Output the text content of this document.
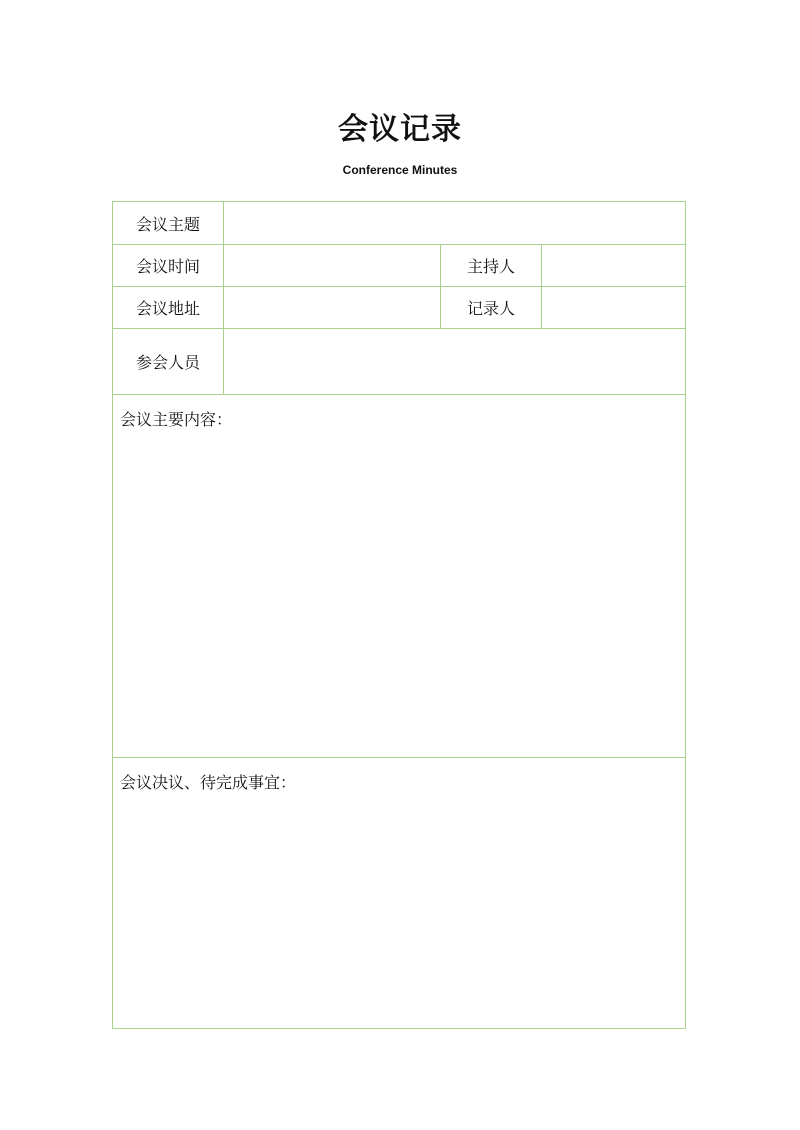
会议记录
Conference Minutes
会议主题			
会议时间		主持人	
会议地址		记录人	
参会人员			
会议主要内容：			
会议决议、待完成事宜：			
